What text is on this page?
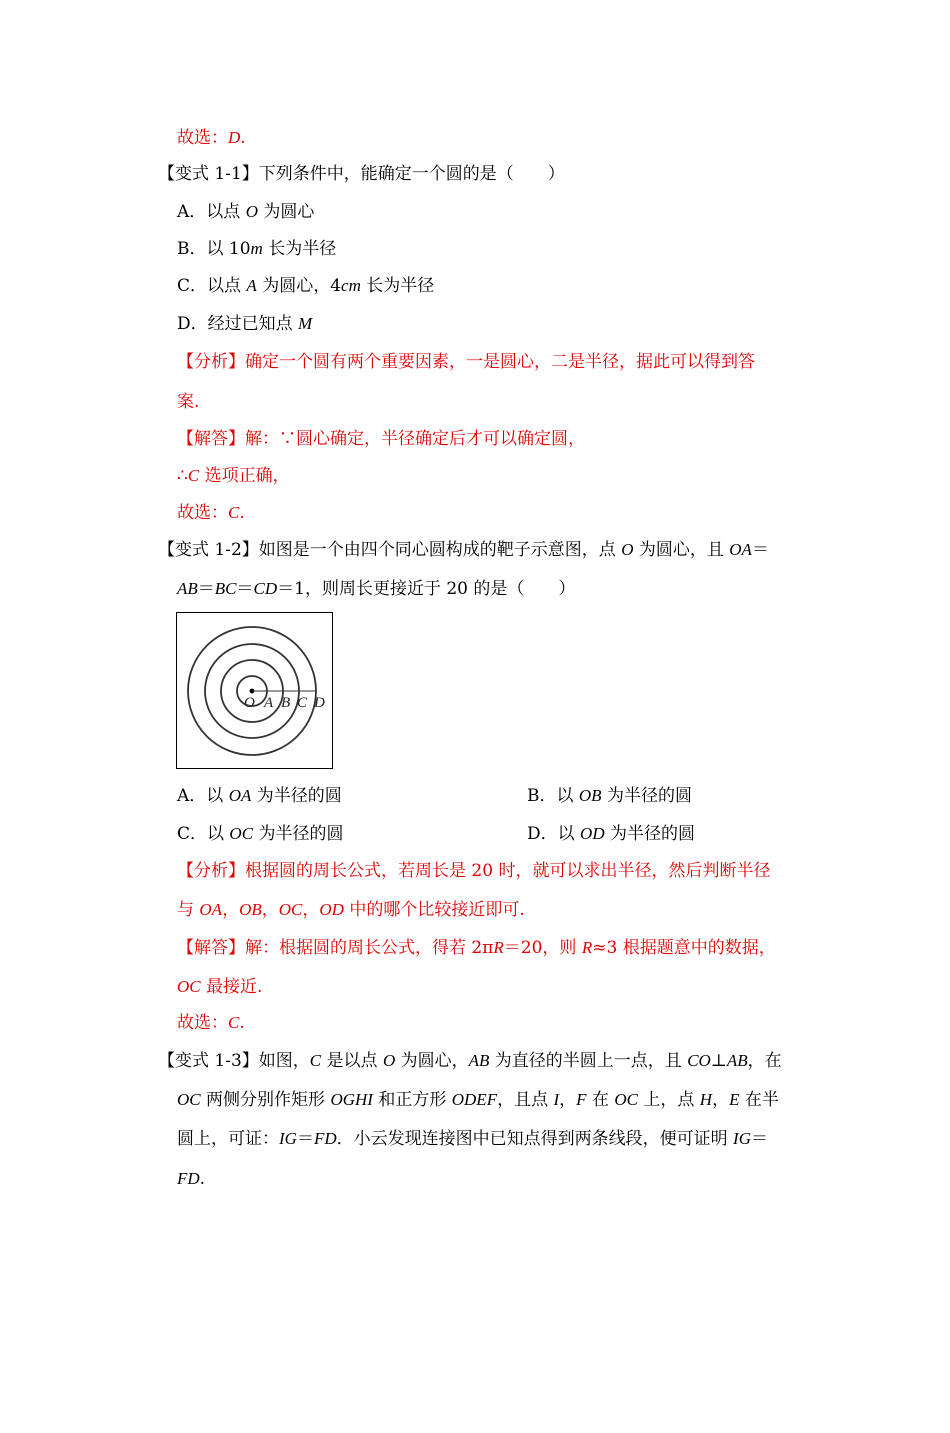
故选：D.
【变式 1-1】下列条件中，能确定一个圆的是（　　）
A．以点 O 为圆心
B．以 10m 长为半径
C．以点 A 为圆心，4cm 长为半径
D．经过已知点 M
【分析】确定一个圆有两个重要因素，一是圆心，二是半径，据此可以得到答
案.
【解答】解：∵圆心确定，半径确定后才可以确定圆，
∴C 选项正确，
故选：C.
【变式 1-2】如图是一个由四个同心圆构成的靶子示意图，点 O 为圆心，且 OA＝
AB＝BC＝CD＝1，则周长更接近于 20 的是（　　）
O A B C D
A．以 OA 为半径的圆	B．以 OB 为半径的圆
C．以 OC 为半径的圆	D．以 OD 为半径的圆
【分析】根据圆的周长公式，若周长是 20 时，就可以求出半径，然后判断半径
与 OA，OB，OC，OD 中的哪个比较接近即可.
【解答】解：根据圆的周长公式，得若 2πR＝20，则 R≈3 根据题意中的数据，
OC 最接近.
故选：C.
【变式 1-3】如图，C 是以点 O 为圆心，AB 为直径的半圆上一点，且 CO⊥AB，在
OC 两侧分别作矩形 OGHI 和正方形 ODEF，且点 I，F 在 OC 上，点 H，E 在半
圆上，可证：IG＝FD．小云发现连接图中已知点得到两条线段，便可证明 IG＝
FD.
